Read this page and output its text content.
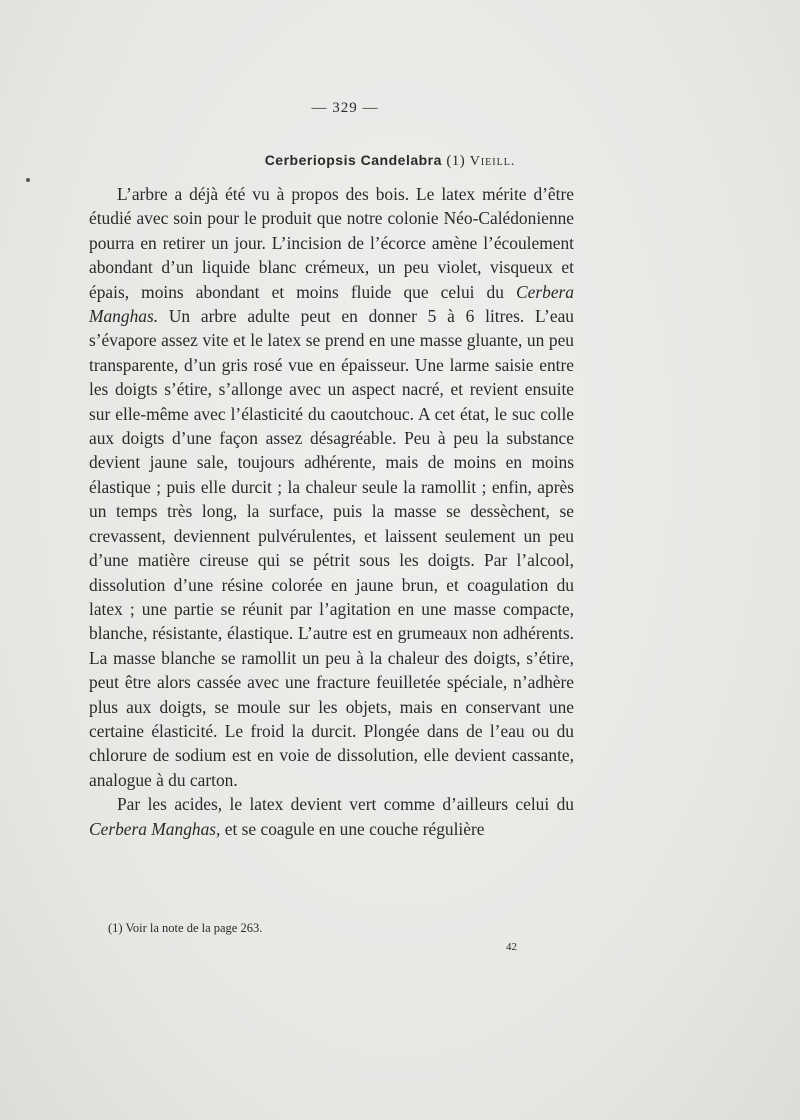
— 329 —
Cerberiopsis Candelabra (1) Vieill.

L’arbre a déjà été vu à propos des bois. Le latex mérite d’être étudié avec soin pour le produit que notre colonie Néo-Calédonienne pourra en retirer un jour. L’incision de l’écorce amène l’écoulement abondant d’un liquide blanc crémeux, un peu violet, visqueux et épais, moins abondant et moins fluide que celui du Cerbera Manghas. Un arbre adulte peut en donner 5 à 6 litres. L’eau s’évapore assez vite et le latex se prend en une masse gluante, un peu transparente, d’un gris rosé vue en épaisseur. Une larme saisie entre les doigts s’étire, s’allonge avec un aspect nacré, et revient ensuite sur elle-même avec l’élasticité du caoutchouc. A cet état, le suc colle aux doigts d’une façon assez désagréable. Peu à peu la substance devient jaune sale, toujours adhérente, mais de moins en moins élastique ; puis elle durcit ; la chaleur seule la ramollit ; enfin, après un temps très long, la surface, puis la masse se dessèchent, se crevassent, deviennent pulvérulentes, et laissent seulement un peu d’une matière cireuse qui se pétrit sous les doigts. Par l’alcool, dissolution d’une résine colorée en jaune brun, et coagulation du latex ; une partie se réunit par l’agitation en une masse compacte, blanche, résistante, élastique. L’autre est en grumeaux non adhérents. La masse blanche se ramollit un peu à la chaleur des doigts, s’étire, peut être alors cassée avec une fracture feuilletée spéciale, n’adhère plus aux doigts, se moule sur les objets, mais en conservant une certaine élasticité. Le froid la durcit. Plongée dans de l’eau ou du chlorure de sodium est en voie de dissolution, elle devient cassante, analogue à du carton.

Par les acides, le latex devient vert comme d’ailleurs celui du Cerbera Manghas, et se coagule en une couche régulière

(1) Voir la note de la page 263.
42
